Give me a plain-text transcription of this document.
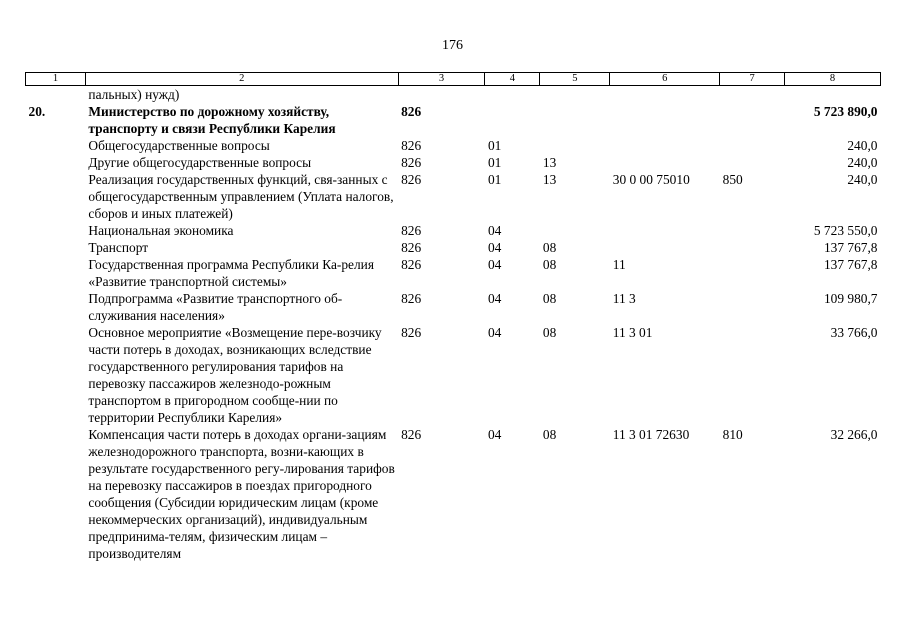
176
1	2	3	4	5	6	7	8
	пальных) нужд)						
20.	Министерство по дорожному хозяйству, транспорту и связи Республики Карелия	826					5 723 890,0
	Общегосударственные вопросы	826	01				240,0
	Другие общегосударственные вопросы	826	01	13			240,0
	Реализация государственных функций, свя-занных с общегосударственным управлением (Уплата налогов, сборов и иных платежей)	826	01	13	30 0 00 75010	850	240,0
	Национальная экономика	826	04				5 723 550,0
	Транспорт	826	04	08			137 767,8
	Государственная программа Республики Ка-релия «Развитие транспортной системы»	826	04	08	11		137 767,8
	Подпрограмма «Развитие транспортного об-служивания населения»	826	04	08	11 3		109 980,7
	Основное мероприятие «Возмещение пере-возчику части потерь в доходах, возникающих вследствие государственного регулирования тарифов на перевозку пассажиров железнодо-рожным транспортом в пригородном сообще-нии по территории Республики Карелия»	826	04	08	11 3 01		33 766,0
	Компенсация части потерь в доходах органи-зациям железнодорожного транспорта, возни-кающих в результате государственного регу-лирования тарифов на перевозку пассажиров в поездах пригородного сообщения (Субсидии юридическим лицам (кроме некоммерческих организаций), индивидуальным предпринима-телям, физическим лицам – производителям	826	04	08	11 3 01 72630	810	32 266,0
